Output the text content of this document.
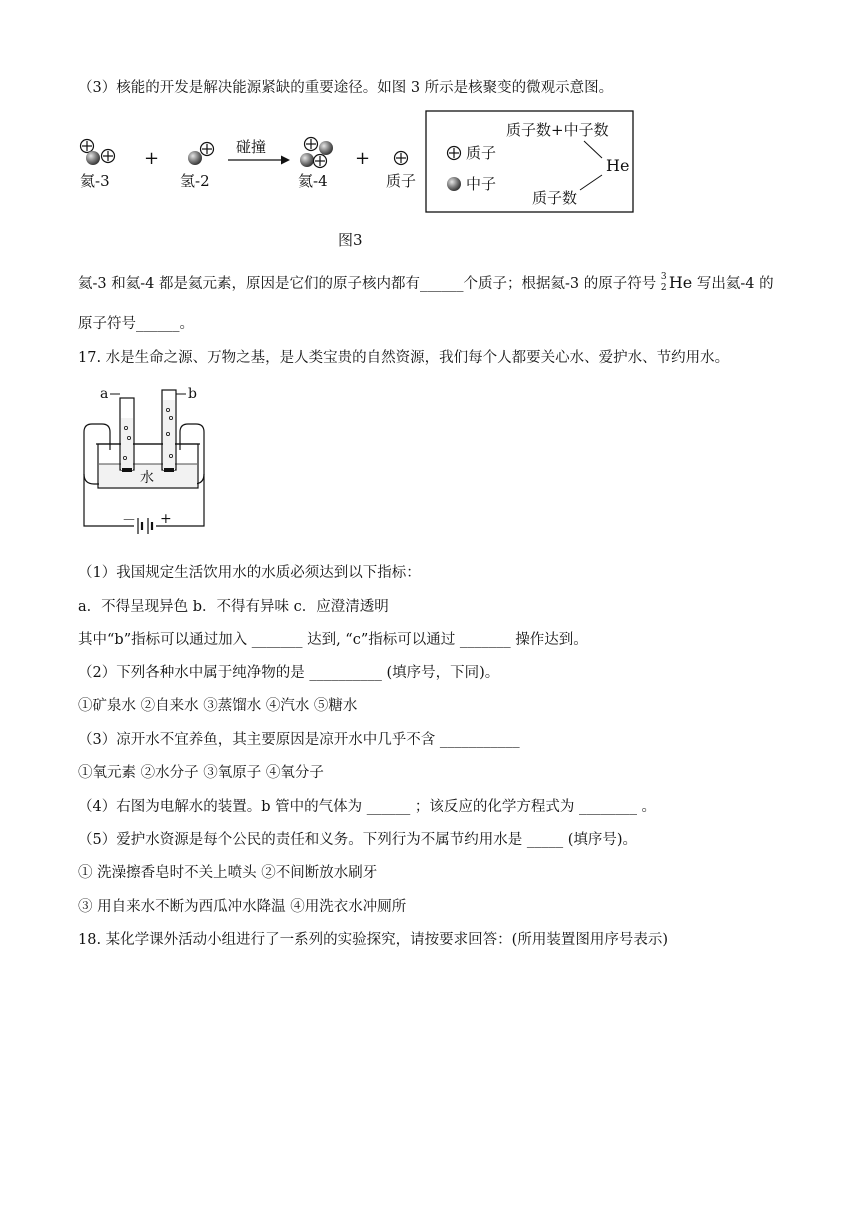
（3）核能的开发是解决能源紧缺的重要途径。如图 3 所示是核聚变的微观示意图。
氦-3
+
氢-2
碰撞
氦-4
+
质子
质子
中子
质子数+中子数
He
质子数
图3
氦-3 和氦-4 都是氦元素，原因是它们的原子核内都有______个质子；根据氦-3 的原子符号 3
2 He 写出氦-4 的
原子符号______。
17. 水是生命之源、万物之基，是人类宝贵的自然资源，我们每个人都要关心水、爱护水、节约用水。
－ +
水
a	b
（1）我国规定生活饮用水的水质必须达到以下指标：
a．不得呈现异色 b．不得有异味 c．应澄清透明
其中“b”指标可以通过加入 _______ 达到, “c”指标可以通过 _______ 操作达到。
（2）下列各种水中属于纯净物的是 __________ (填序号，下同)。
①矿泉水 ②自来水 ③蒸馏水 ④汽水 ⑤糖水
（3）凉开水不宜养鱼，其主要原因是凉开水中几乎不含 ___________
①氧元素 ②水分子 ③氧原子 ④氧分子
（4）右图为电解水的装置。b 管中的气体为 ______ ；该反应的化学方程式为 ________ 。
（5）爱护水资源是每个公民的责任和义务。下列行为不属节约用水是 _____ (填序号)。
① 洗澡擦香皂时不关上喷头 ②不间断放水刷牙
③ 用自来水不断为西瓜冲水降温 ④用洗衣水冲厕所
18. 某化学课外活动小组进行了一系列的实验探究，请按要求回答：(所用装置图用序号表示)
